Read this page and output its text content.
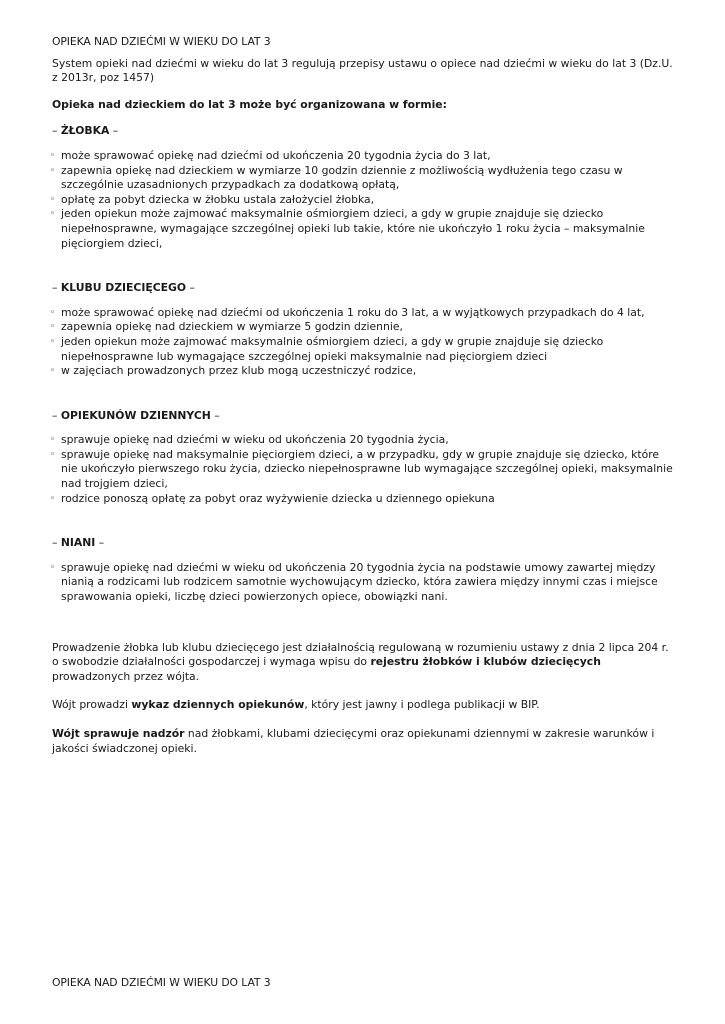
OPIEKA NAD DZIEĆMI W WIEKU DO LAT 3

System opieki nad dziećmi w wieku do lat 3 regulują przepisy ustawu o opiece nad dziećmi w wieku do lat 3 (Dz.U. z 2013r, poz 1457)

Opieka nad dzieckiem do lat 3 może być organizowana w formie:

– ŻŁOBKA –

◦ może sprawować opiekę nad dziećmi od ukończenia 20 tygodnia życia do 3 lat,
◦ zapewnia opiekę nad dzieckiem w wymiarze 10 godzin dziennie z możliwością wydłużenia tego czasu w szczególnie uzasadnionych przypadkach za dodatkową opłatą,
◦ opłatę za pobyt dziecka w żłobku ustala założyciel żłobka,
◦ jeden opiekun może zajmować maksymalnie ośmiorgiem dzieci, a gdy w grupie znajduje się dziecko niepełnosprawne, wymagające szczególnej opieki lub takie, które nie ukończyło 1 roku życia – maksymalnie pięciorgiem dzieci,

– KLUBU DZIECIĘCEGO –

◦ może sprawować opiekę nad dziećmi od ukończenia 1 roku do 3 lat, a w wyjątkowych przypadkach do 4 lat,
◦ zapewnia opiekę nad dzieckiem w wymiarze 5 godzin dziennie,
◦ jeden opiekun może zajmować maksymalnie ośmiorgiem dzieci, a gdy w grupie znajduje się dziecko niepełnosprawne lub wymagające szczególnej opieki maksymalnie nad pięciorgiem dzieci
◦ w zajęciach prowadzonych przez klub mogą uczestniczyć rodzice,

– OPIEKUNÓW DZIENNYCH –

◦ sprawuje opiekę nad dziećmi w wieku od ukończenia 20 tygodnia życia,
◦ sprawuje opiekę nad maksymalnie pięciorgiem dzieci, a w przypadku, gdy w grupie znajduje się dziecko, które nie ukończyło pierwszego roku życia, dziecko niepełnosprawne lub wymagające szczególnej opieki, maksymalnie nad trojgiem dzieci,
◦ rodzice ponoszą opłatę za pobyt oraz wyżywienie dziecka u dziennego opiekuna

– NIANI –

◦ sprawuje opiekę nad dziećmi w wieku od ukończenia 20 tygodnia życia na podstawie umowy zawartej między nianią a rodzicami lub rodzicem samotnie wychowującym dziecko, która zawiera między innymi czas i miejsce sprawowania opieki, liczbę dzieci powierzonych opiece, obowiązki nani.

Prowadzenie żłobka lub klubu dziecięcego jest działalnością regulowaną w rozumieniu ustawy z dnia 2 lipca 204 r. o swobodzie działalności gospodarczej i wymaga wpisu do rejestru żłobków i klubów dziecięcych prowadzonych przez wójta.

Wójt prowadzi wykaz dziennych opiekunów, który jest jawny i podlega publikacji w BIP.

Wójt sprawuje nadzór nad żłobkami, klubami dziecięcymi oraz opiekunami dziennymi w zakresie warunków i jakości świadczonej opieki.

OPIEKA NAD DZIEĆMI W WIEKU DO LAT 3
